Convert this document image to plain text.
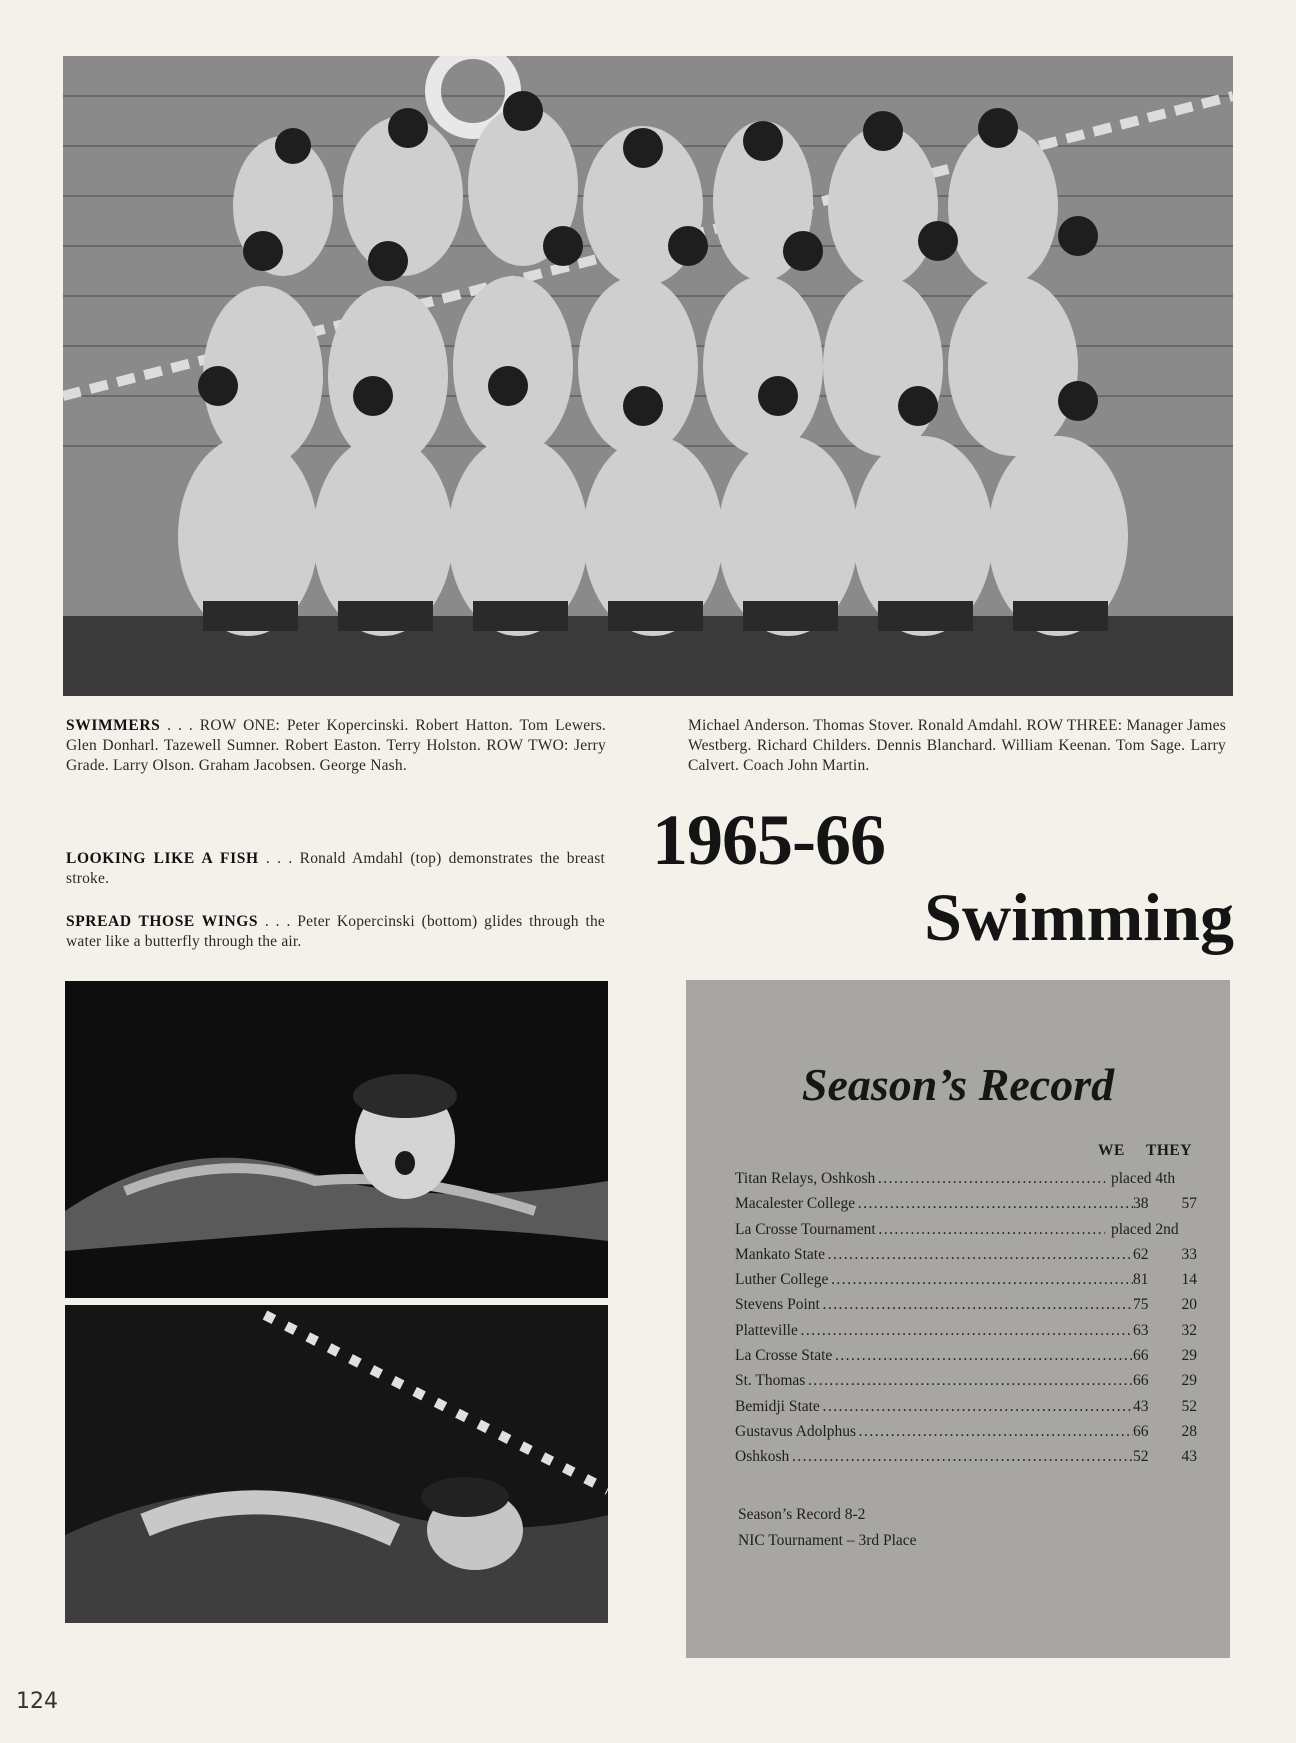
SWIMMERS . . . ROW ONE: Peter Kopercinski. Robert Hatton. Tom Lewers. Glen Donharl. Tazewell Sumner. Robert Easton. Terry Holston. ROW TWO: Jerry Grade. Larry Olson. Graham Jacobsen. George Nash.
Michael Anderson. Thomas Stover. Ronald Amdahl. ROW THREE: Manager James Westberg. Richard Childers. Dennis Blanchard. William Keenan. Tom Sage. Larry Calvert. Coach John Martin.
LOOKING LIKE A FISH . . . Ronald Amdahl (top) demonstrates the breast stroke.
SPREAD THOSE WINGS . . . Peter Kopercinski (bottom) glides through the water like a butterfly through the air.
1965-66
Swimming
Season’s Record
WE THEY
Titan Relays, Oshkosh . . .	placed 4th
Macalester College . . .	38	57
La Crosse Tournament . . .	placed 2nd
Mankato State . . .	62	33
Luther College . . .	81	14
Stevens Point . . .	75	20
Platteville . . .	63	32
La Crosse State . . .	66	29
St. Thomas . . .	66	29
Bemidji State . . .	43	52
Gustavus Adolphus . . .	66	28
Oshkosh . . .	52	43
Season’s Record 8-2
NIC Tournament – 3rd Place
124
